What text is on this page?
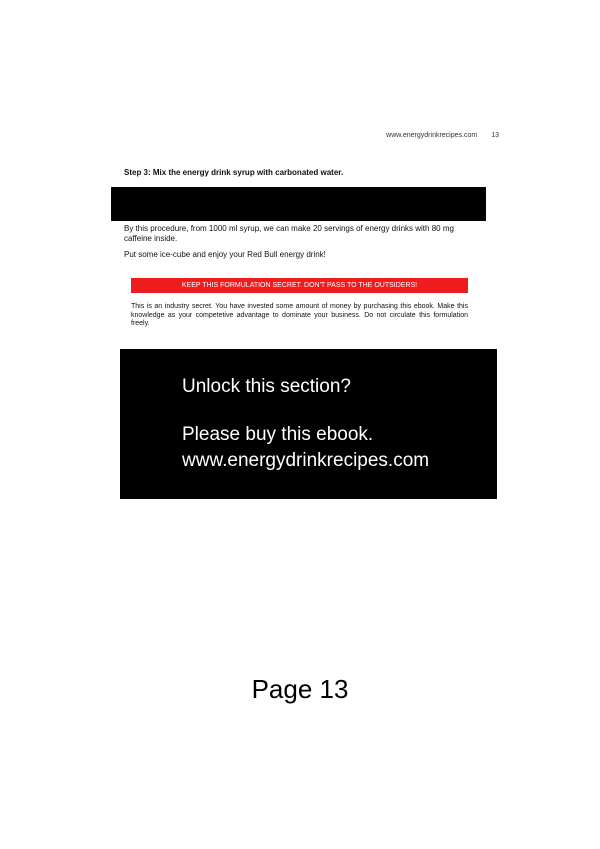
www.energydrinkrecipes.com 13
Step 3: Mix the energy drink syrup with carbonated water.
By this procedure, from 1000 ml syrup, we can make 20 servings of energy drinks with 80 mg caffeine inside.
Put some ice-cube and enjoy your Red Bull energy drink!
KEEP THIS FORMULATION SECRET. DON'T PASS TO THE OUTSIDERS!
This is an industry secret. You have invested some amount of money by purchasing this ebook. Make this knowledge as your competetive advantage to dominate your business. Do not circulate this formulation freely.
Unlock this section?
Please buy this ebook.
www.energydrinkrecipes.com
Page 13
